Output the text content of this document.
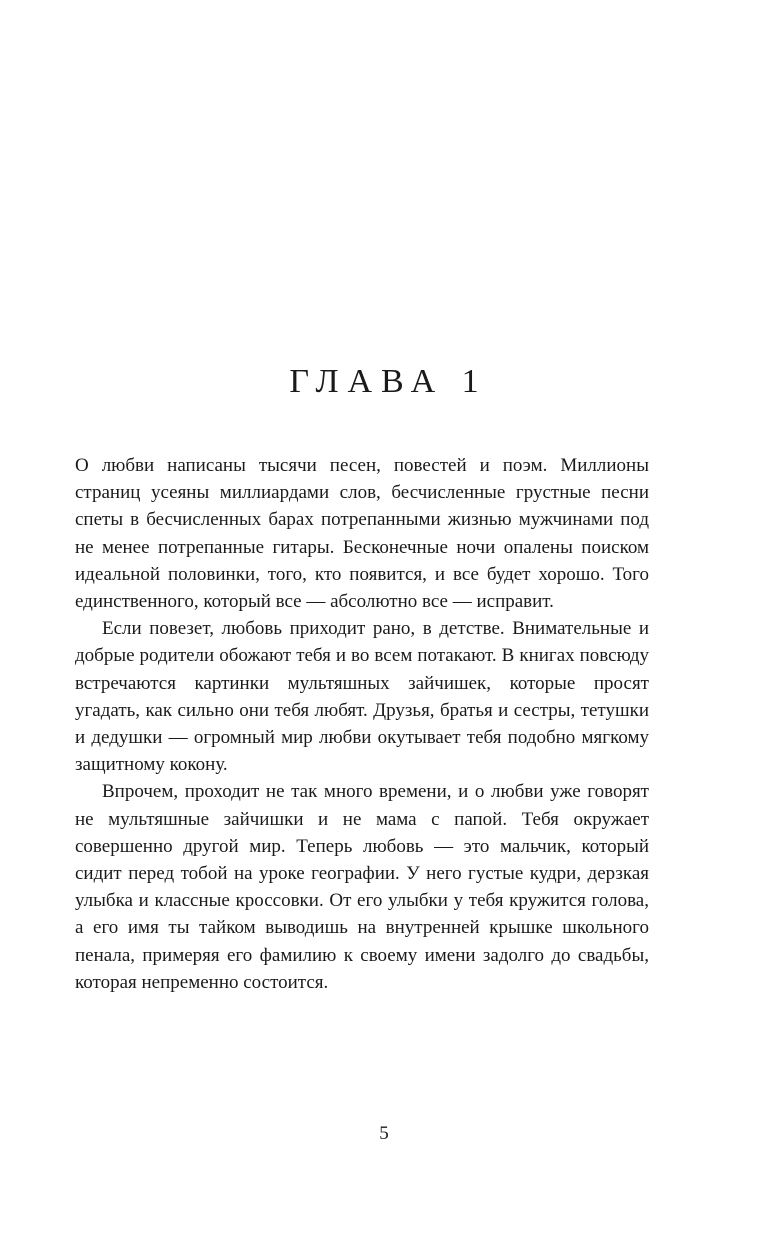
ГЛАВА 1

О любви написаны тысячи песен, повестей и поэм. Миллионы страниц усеяны миллиардами слов, бесчисленные грустные песни спеты в бесчисленных барах потрепанными жизнью мужчинами под не менее потрепанные гитары. Бесконечные ночи опалены поиском идеальной половинки, того, кто появится, и все будет хорошо. Того единственного, который все — абсолютно все — исправит.

Если повезет, любовь приходит рано, в детстве. Внимательные и добрые родители обожают тебя и во всем потакают. В книгах повсюду встречаются картинки мультяшных зайчишек, которые просят угадать, как сильно они тебя любят. Друзья, братья и сестры, тетушки и дедушки — огромный мир любви окутывает тебя подобно мягкому защитному кокону.

Впрочем, проходит не так много времени, и о любви уже говорят не мультяшные зайчишки и не мама с папой. Тебя окружает совершенно другой мир. Теперь любовь — это мальчик, который сидит перед тобой на уроке географии. У него густые кудри, дерзкая улыбка и классные кроссовки. От его улыбки у тебя кружится голова, а его имя ты тайком выводишь на внутренней крышке школьного пенала, примеряя его фамилию к своему имени задолго до свадьбы, которая непременно состоится.

5
